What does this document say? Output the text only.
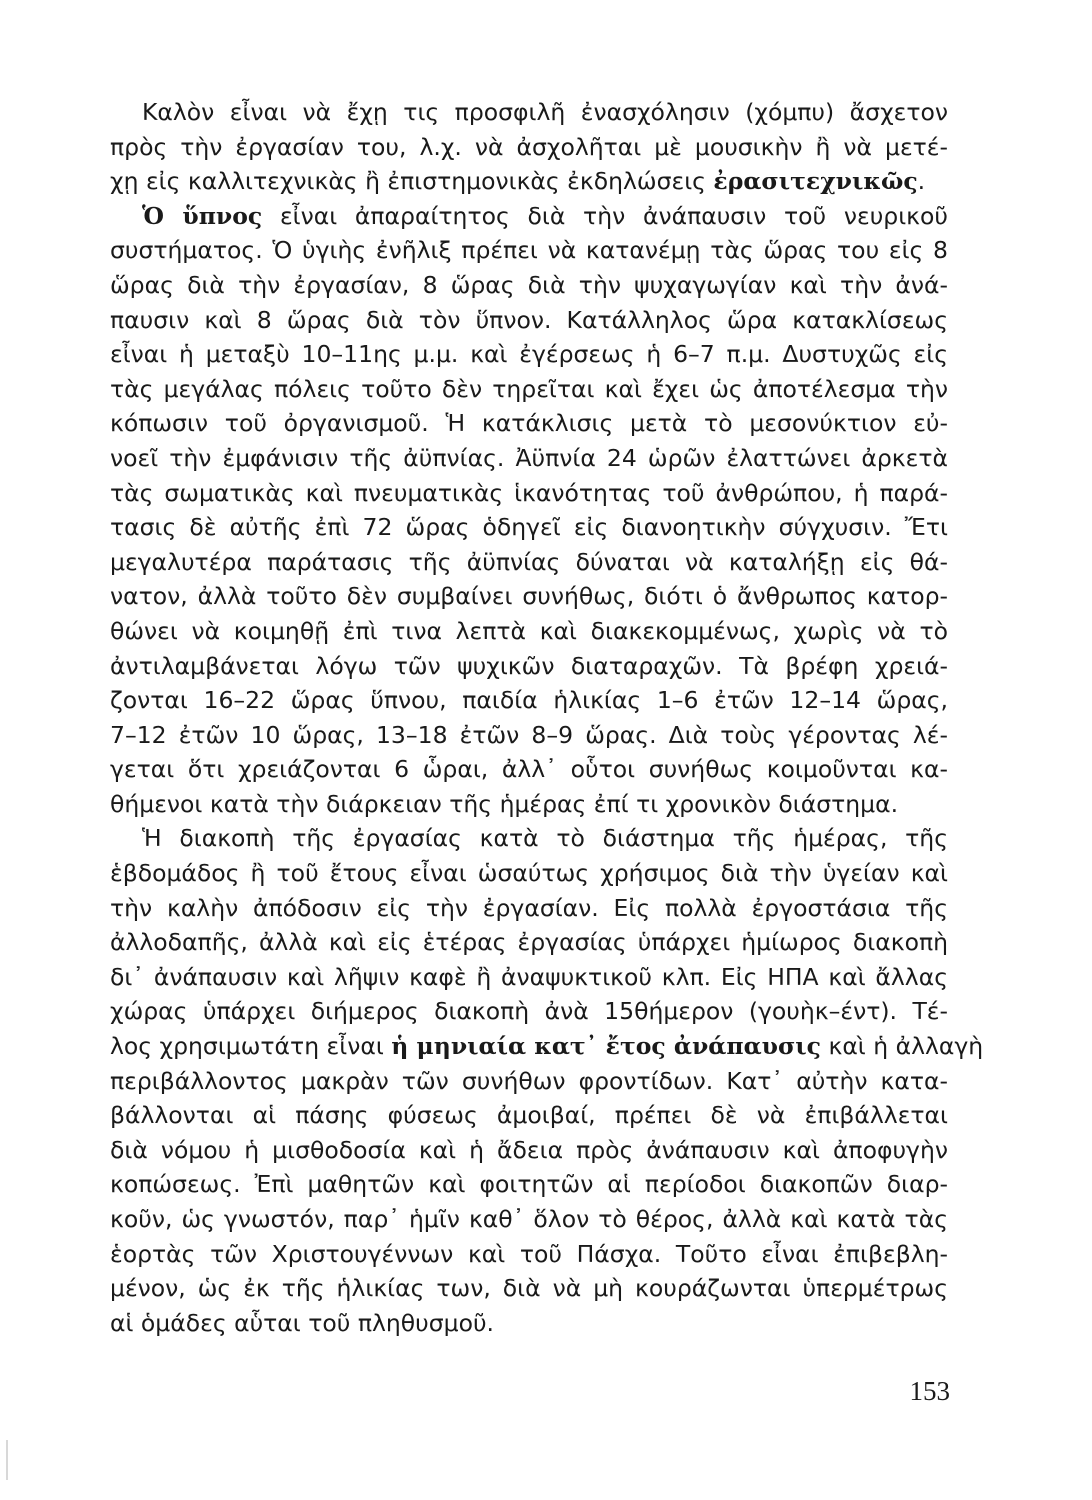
Καλὸν εἶναι νὰ ἔχῃ τις προσφιλῆ ἐνασχόλησιν (χόμπυ) ἄσχετον
πρὸς τὴν ἐργασίαν του, λ.χ. νὰ ἀσχολῆται μὲ μουσικὴν ἢ νὰ μετέ-
χῃ εἰς καλλιτεχνικὰς ἢ ἐπιστημονικὰς ἐκδηλώσεις ἐρασιτεχνικῶς.
Ὁ ὕπνος εἶναι ἀπαραίτητος διὰ τὴν ἀνάπαυσιν τοῦ νευρικοῦ
συστήματος. Ὁ ὑγιὴς ἐνῆλιξ πρέπει νὰ κατανέμῃ τὰς ὥρας του εἰς 8
ὥρας διὰ τὴν ἐργασίαν, 8 ὥρας διὰ τὴν ψυχαγωγίαν καὶ τὴν ἀνά-
παυσιν καὶ 8 ὥρας διὰ τὸν ὕπνον. Κατάλληλος ὥρα κατακλίσεως
εἶναι ἡ μεταξὺ 10–11ης μ.μ. καὶ ἐγέρσεως ἡ 6–7 π.μ. Δυστυχῶς εἰς
τὰς μεγάλας πόλεις τοῦτο δὲν τηρεῖται καὶ ἔχει ὡς ἀποτέλεσμα τὴν
κόπωσιν τοῦ ὀργανισμοῦ. Ἡ κατάκλισις μετὰ τὸ μεσονύκτιον εὐ-
νοεῖ τὴν ἐμφάνισιν τῆς ἀϋπνίας. Ἀϋπνία 24 ὡρῶν ἐλαττώνει ἀρκετὰ
τὰς σωματικὰς καὶ πνευματικὰς ἱκανότητας τοῦ ἀνθρώπου, ἡ παρά-
τασις δὲ αὐτῆς ἐπὶ 72 ὥρας ὁδηγεῖ εἰς διανοητικὴν σύγχυσιν. Ἔτι
μεγαλυτέρα παράτασις τῆς ἀϋπνίας δύναται νὰ καταλήξῃ εἰς θά-
νατον, ἀλλὰ τοῦτο δὲν συμβαίνει συνήθως, διότι ὁ ἄνθρωπος κατορ-
θώνει νὰ κοιμηθῇ ἐπὶ τινα λεπτὰ καὶ διακεκομμένως, χωρὶς νὰ τὸ
ἀντιλαμβάνεται λόγω τῶν ψυχικῶν διαταραχῶν. Τὰ βρέφη χρειά-
ζονται 16–22 ὥρας ὕπνου, παιδία ἡλικίας 1–6 ἐτῶν 12–14 ὥρας,
7–12 ἐτῶν 10 ὥρας, 13–18 ἐτῶν 8–9 ὥρας. Διὰ τοὺς γέροντας λέ-
γεται ὅτι χρειάζονται 6 ὧραι, ἀλλ᾽ οὗτοι συνήθως κοιμοῦνται κα-
θήμενοι κατὰ τὴν διάρκειαν τῆς ἡμέρας ἐπί τι χρονικὸν διάστημα.
Ἡ διακοπὴ τῆς ἐργασίας κατὰ τὸ διάστημα τῆς ἡμέρας, τῆς
ἑβδομάδος ἢ τοῦ ἔτους εἶναι ὡσαύτως χρήσιμος διὰ τὴν ὑγείαν καὶ
τὴν καλὴν ἀπόδοσιν εἰς τὴν ἐργασίαν. Εἰς πολλὰ ἐργοστάσια τῆς
ἀλλοδαπῆς, ἀλλὰ καὶ εἰς ἑτέρας ἐργασίας ὑπάρχει ἡμίωρος διακοπὴ
δι᾽ ἀνάπαυσιν καὶ λῆψιν καφὲ ἢ ἀναψυκτικοῦ κλπ. Εἰς ΗΠΑ καὶ ἄλλας
χώρας ὑπάρχει διήμερος διακοπὴ ἀνὰ 15θήμερον (γουὴκ–έντ). Τέ-
λος χρησιμωτάτη εἶναι ἡ μηνιαία κατ᾽ ἔτος ἀνάπαυσις καὶ ἡ ἀλλαγὴ
περιβάλλοντος μακρὰν τῶν συνήθων φροντίδων. Κατ᾽ αὐτὴν κατα-
βάλλονται αἱ πάσης φύσεως ἀμοιβαί, πρέπει δὲ νὰ ἐπιβάλλεται
διὰ νόμου ἡ μισθοδοσία καὶ ἡ ἄδεια πρὸς ἀνάπαυσιν καὶ ἀποφυγὴν
κοπώσεως. Ἐπὶ μαθητῶν καὶ φοιτητῶν αἱ περίοδοι διακοπῶν διαρ-
κοῦν, ὡς γνωστόν, παρ᾽ ἡμῖν καθ᾽ ὅλον τὸ θέρος, ἀλλὰ καὶ κατὰ τὰς
ἑορτὰς τῶν Χριστουγέννων καὶ τοῦ Πάσχα. Τοῦτο εἶναι ἐπιβεβλη-
μένον, ὡς ἐκ τῆς ἡλικίας των, διὰ νὰ μὴ κουράζωνται ὑπερμέτρως
αἱ ὁμάδες αὗται τοῦ πληθυσμοῦ.
153
